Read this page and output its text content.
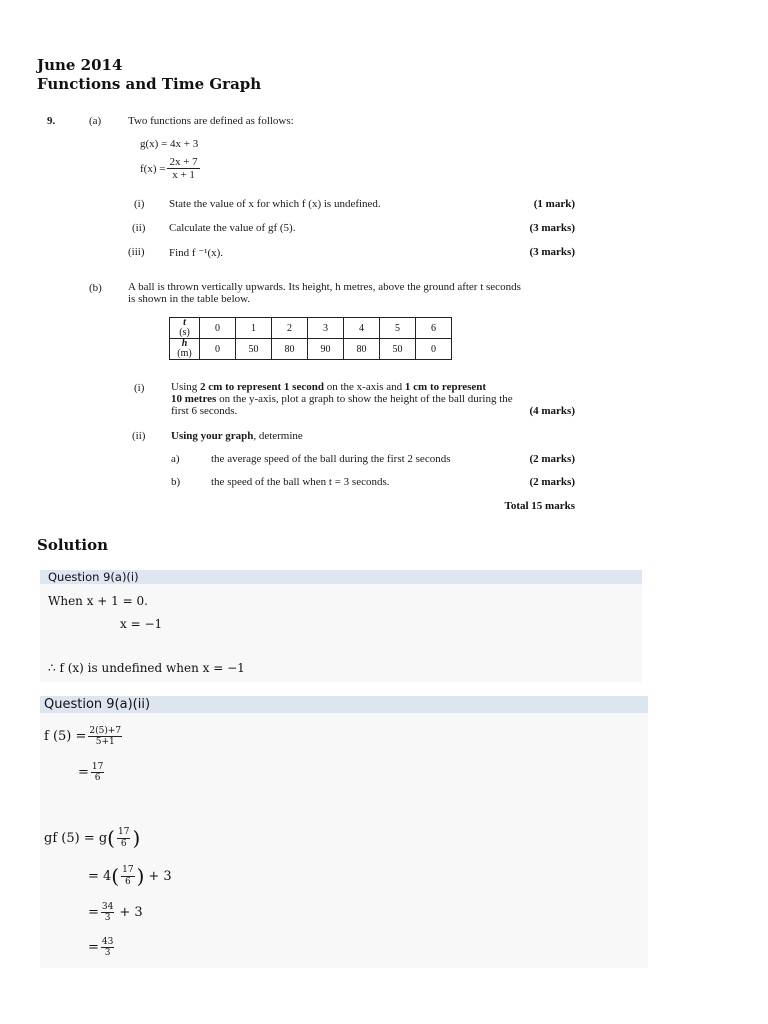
June 2014
Functions and Time Graph
9.	(a) Two functions are defined as follows:
g(x) = 4x + 3
$f(x) = \frac{2x + 7}{x + 1}$
(i) State the value of x for which f (x) is undefined.	(1 mark)
(ii) Calculate the value of gf (5).	(3 marks)
(iii) Find f ⁻¹(x).	(3 marks)
(b) A ball is thrown vertically upwards. Its height, h metres, above the ground after t seconds
is shown in the table below.
t
(s)	0	1	2	3	4	5	6

h
(m)	0	50	80	90	80	50	0
(i) Using 2 cm to represent 1 second on the x-axis and 1 cm to represent
10 metres on the y-axis, plot a graph to show the height of the ball during the
first 6 seconds.	(4 marks)
(ii) Using your graph, determine
a)	the average speed of the ball during the first 2 seconds	(2 marks)
b)	the speed of the ball when t = 3 seconds.	(2 marks)
Total 15 marks
Solution
Question 9(a)(i)
When x + 1 = 0.
x = −1
∴ f (x) is undefined when x = −1
Question 9(a)(ii)
f $(5) = \frac{2(5)+7}{5+1}$
= $\frac{17}{6}$
gf (5) = g ( $\frac{17}{6}$ )
= 4 ( $\frac{17}{6}$ ) + 3
= $\frac{34}{3} + 3$
= $\frac{43}{3}$
